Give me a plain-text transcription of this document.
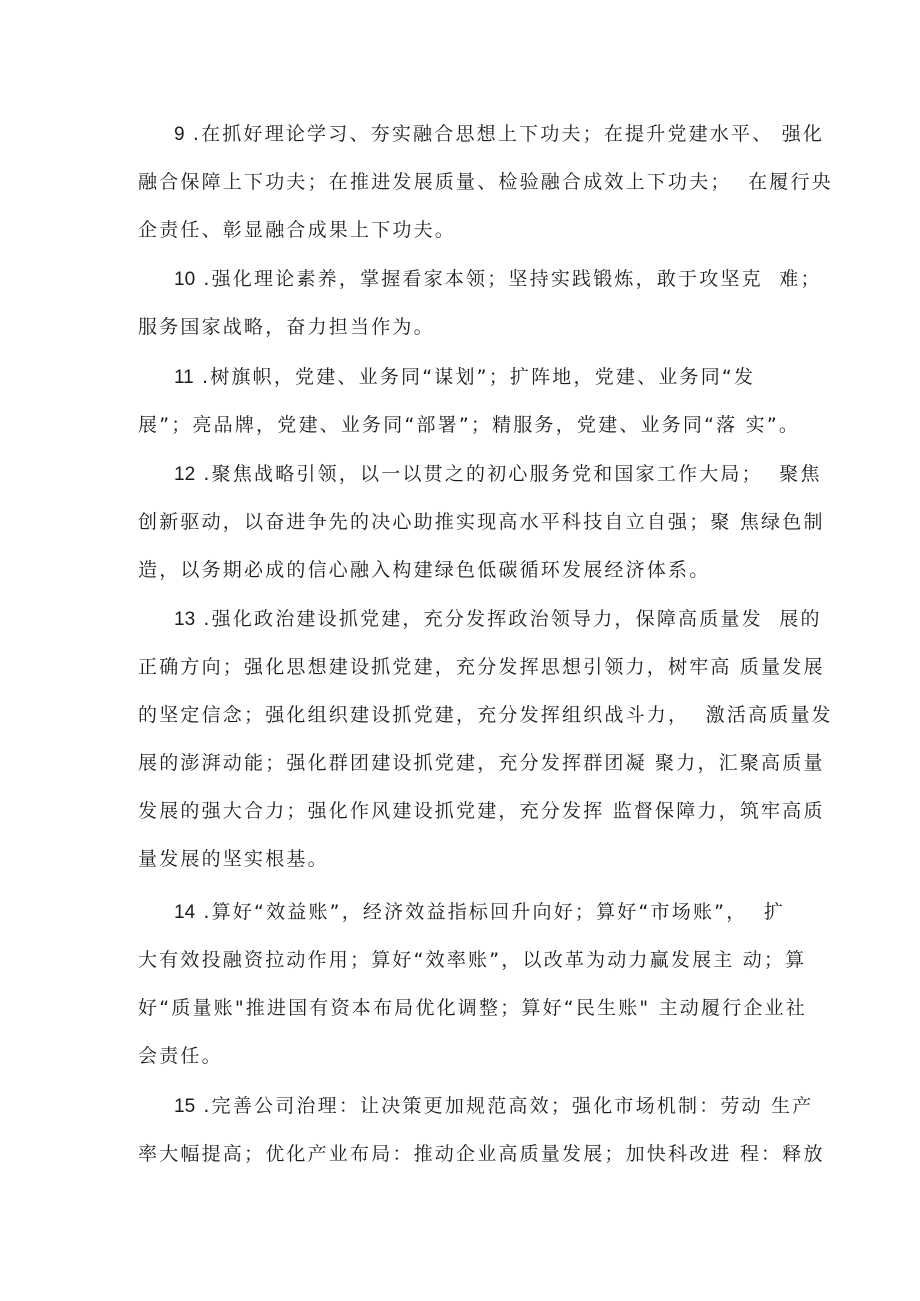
9 .在抓好理论学习、夯实融合思想上下功夫；在提升党建水平、 强化
融合保障上下功夫；在推进发展质量、检验融合成效上下功夫；  在履行央
企责任、彰显融合成果上下功夫。
10 .强化理论素养，掌握看家本领；坚持实践锻炼，敢于攻坚克  难；
服务国家战略，奋力担当作为。
11 .树旗帜，党建、业务同“谋划”；扩阵地，党建、业务同“发
展”；亮品牌，党建、业务同“部署”；精服务，党建、业务同“落 实”。
12 .聚焦战略引领，以一以贯之的初心服务党和国家工作大局；  聚焦
创新驱动，以奋进争先的决心助推实现高水平科技自立自强；聚 焦绿色制
造，以务期必成的信心融入构建绿色低碳循环发展经济体系。
13 .强化政治建设抓党建，充分发挥政治领导力，保障高质量发  展的
正确方向；强化思想建设抓党建，充分发挥思想引领力，树牢高 质量发展
的坚定信念；强化组织建设抓党建，充分发挥组织战斗力，  激活高质量发
展的澎湃动能；强化群团建设抓党建，充分发挥群团凝 聚力，汇聚高质量
发展的强大合力；强化作风建设抓党建，充分发挥 监督保障力，筑牢高质
量发展的坚实根基。
14 .算好“效益账”，经济效益指标回升向好；算好“市场账”，  扩
大有效投融资拉动作用；算好“效率账”，以改革为动力赢发展主 动；算
好“质量账"推进国有资本布局优化调整；算好“民生账" 主动履行企业社
会责任。
15 .完善公司治理：让决策更加规范高效；强化市场机制：劳动 生产
率大幅提高；优化产业布局：推动企业高质量发展；加快科改进 程：释放
